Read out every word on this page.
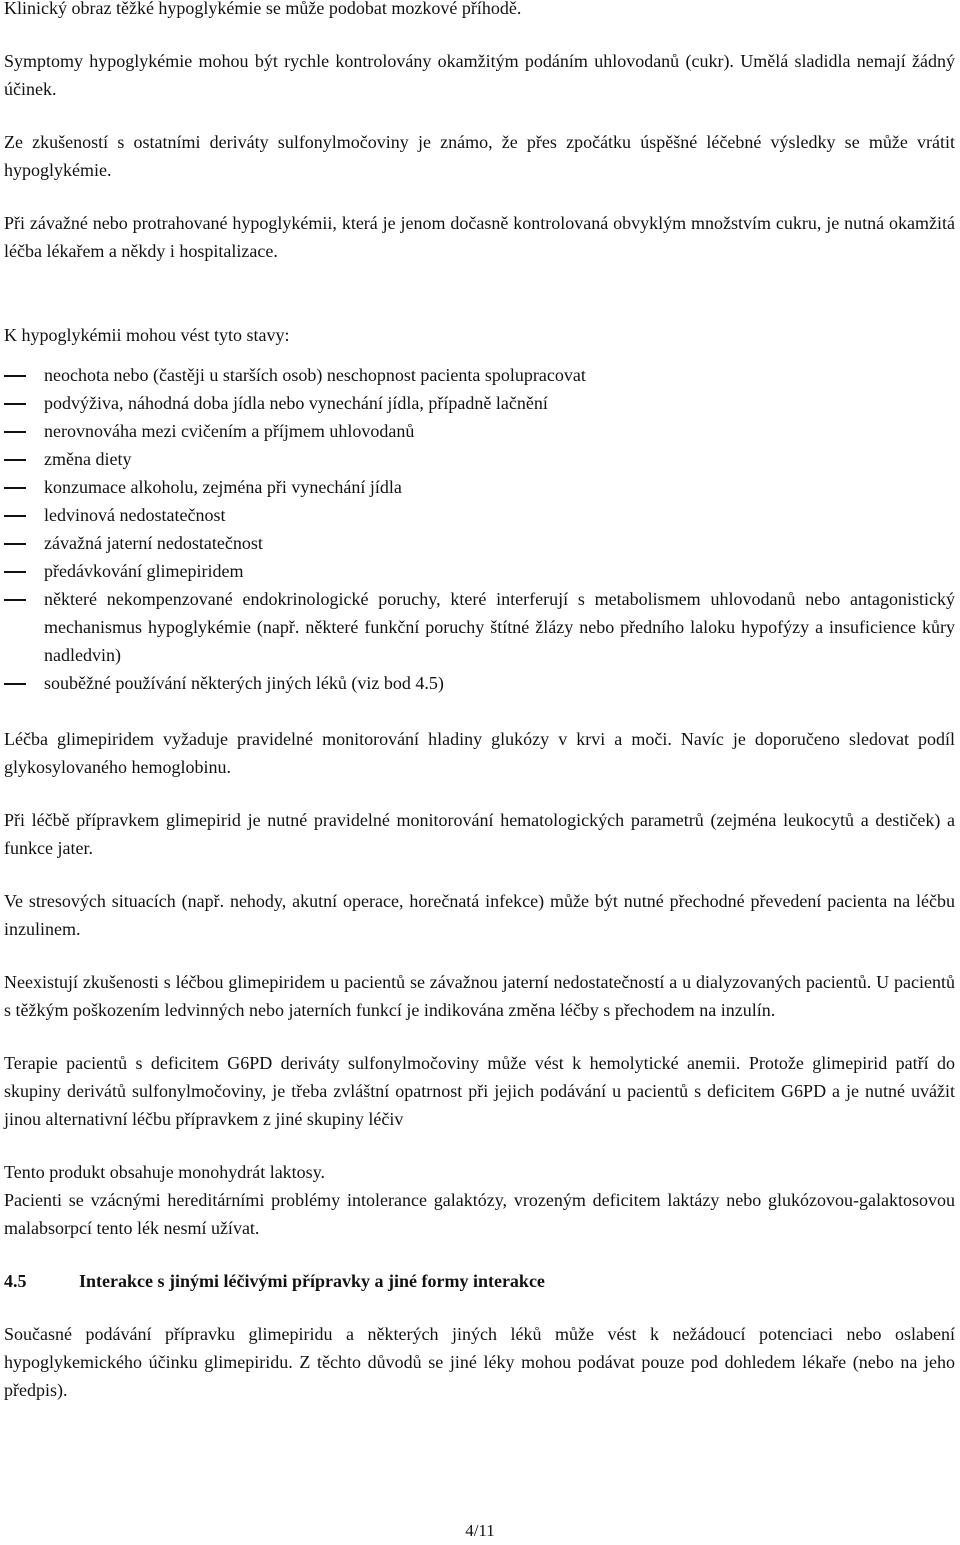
Klinický obraz těžké hypoglykémie se může podobat mozkové příhodě.

Symptomy hypoglykémie mohou být rychle kontrolovány okamžitým podáním uhlovodanů (cukr). Umělá sladidla nemají žádný účinek.

Ze zkušeností s ostatními deriváty sulfonylmočoviny je známo, že přes zpočátku úspěšné léčebné výsledky se může vrátit hypoglykémie.

Při závažné nebo protrahované hypoglykémii, která je jenom dočasně kontrolovaná obvyklým množstvím cukru, je nutná okamžitá léčba lékařem a někdy i hospitalizace.

K hypoglykémii mohou vést tyto stavy:

neochota nebo (častěji u starších osob) neschopnost pacienta spolupracovat
podvýživa, náhodná doba jídla nebo vynechání jídla, případně lačnění
nerovnováha mezi cvičením a příjmem uhlovodanů
změna diety
konzumace alkoholu, zejména při vynechání jídla
ledvinová nedostatečnost
závažná jaterní nedostatečnost
předávkování glimepiridem
některé nekompenzované endokrinologické poruchy, které interferují s metabolismem uhlovodanů nebo antagonistický mechanismus hypoglykémie (např. některé funkční poruchy štítné žlázy nebo předního laloku hypofýzy a insuficience kůry nadledvin)
souběžné používání některých jiných léků (viz bod 4.5)

Léčba glimepiridem vyžaduje pravidelné monitorování hladiny glukózy v krvi a moči. Navíc je doporučeno sledovat podíl glykosylovaného hemoglobinu.

Při léčbě přípravkem glimepirid je nutné pravidelné monitorování hematologických parametrů (zejména leukocytů a destiček) a funkce jater.

Ve stresových situacích (např. nehody, akutní operace, horečnatá infekce) může být nutné přechodné převedení pacienta na léčbu inzulinem.

Neexistují zkušenosti s léčbou glimepiridem u pacientů se závažnou jaterní nedostatečností a u dialyzovaných pacientů. U pacientů s těžkým poškozením ledvinných nebo jaterních funkcí je indikována změna léčby s přechodem na inzulín.

Terapie pacientů s deficitem G6PD deriváty sulfonylmočoviny může vést k hemolytické anemii. Protože glimepirid patří do skupiny derivátů sulfonylmočoviny, je třeba zvláštní opatrnost při jejich podávání u pacientů s deficitem G6PD a je nutné uvážit jinou alternativní léčbu přípravkem z jiné skupiny léčiv

Tento produkt obsahuje monohydrát laktosy.

Pacienti se vzácnými hereditárními problémy intolerance galaktózy, vrozeným deficitem laktázy nebo glukózovou-galaktosovou malabsorpcí tento lék nesmí užívat.

4.5	Interakce s jinými léčivými přípravky a jiné formy interakce

Současné podávání přípravku glimepiridu a některých jiných léků může vést k nežádoucí potenciaci nebo oslabení hypoglykemického účinku glimepiridu. Z těchto důvodů se jiné léky mohou podávat pouze pod dohledem lékaře (nebo na jeho předpis).

4/11
